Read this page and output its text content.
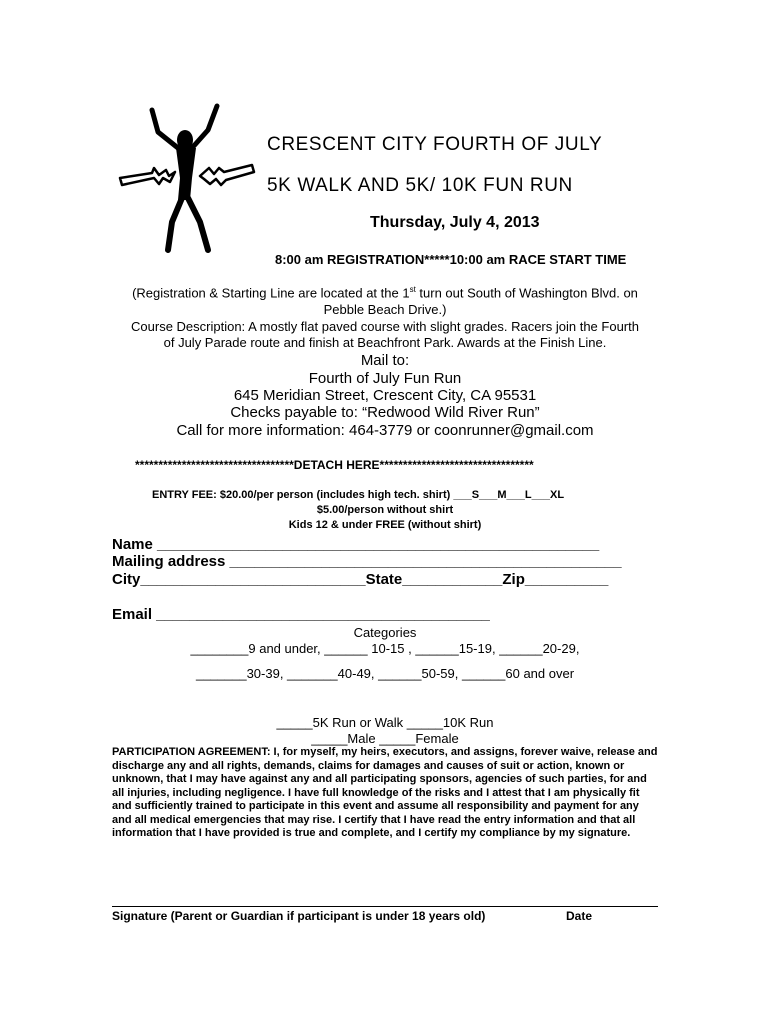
CRESCENT CITY FOURTH OF JULY
5K WALK AND 5K/ 10K FUN RUN
Thursday, July 4, 2013
8:00 am REGISTRATION*****10:00 am RACE START TIME
(Registration & Starting Line are located at the 1st turn out South of Washington Blvd. on
Pebble Beach Drive.)
Course Description: A mostly flat paved course with slight grades. Racers join the Fourth
of July Parade route and finish at Beachfront Park. Awards at the Finish Line.
Mail to:
Fourth of July Fun Run
645 Meridian Street, Crescent City, CA 95531
Checks payable to: “Redwood Wild River Run”
Call for more information: 464-3779 or coonrunner@gmail.com
**********************************DETACH HERE*********************************
ENTRY FEE: $20.00/per person (includes high tech. shirt) ___S___M___L___XL
$5.00/person without shirt
Kids 12 & under FREE (without shirt)
Name _____________________________________________________
Mailing address _______________________________________________
City___________________________State____________Zip__________
Email ________________________________________
Categories
________9 and under, ______ 10-15 , ______15-19, ______20-29,
_______30-39, _______40-49, ______50-59, ______60 and over
_____5K Run or Walk _____10K Run
_____Male _____Female
PARTICIPATION AGREEMENT: I, for myself, my heirs, executors, and assigns, forever waive, release and discharge any and all rights, demands, claims for damages and causes of suit or action, known or unknown, that I may have against any and all participating sponsors, agencies of such parties, for and all injuries, including negligence. I have full knowledge of the risks and I attest that I am physically fit and sufficiently trained to participate in this event and assume all responsibility and payment for any and all medical emergencies that may rise. I certify that I have read the entry information and that all information that I have provided is true and complete, and I certify my compliance by my signature.
Signature (Parent or Guardian if participant is under 18 years old)	Date
